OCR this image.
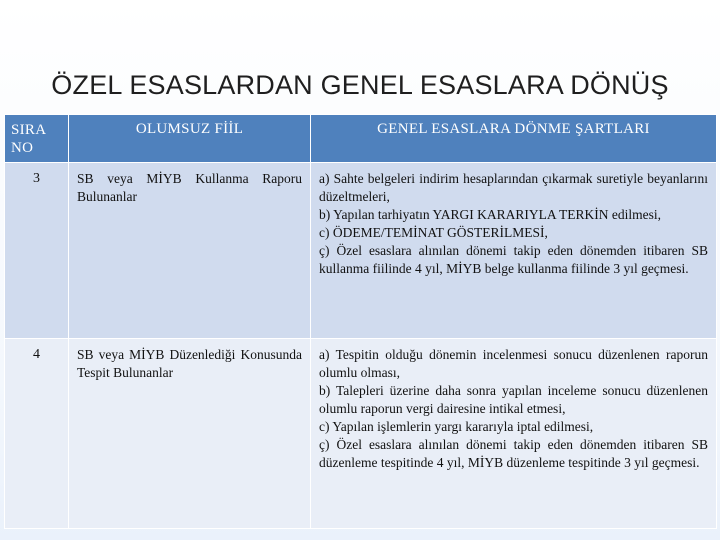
ÖZEL ESASLARDAN GENEL ESASLARA DÖNÜŞ
SIRA NO	OLUMSUZ FİİL	GENEL ESASLARA DÖNME ŞARTLARI
3	SB veya MİYB Kullanma Raporu Bulunanlar	a) Sahte belgeleri indirim hesaplarından çıkarmak suretiyle beyanlarını düzeltmeleri,
b) Yapılan tarhiyatın YARGI KARARIYLA TERKİN edilmesi,
c) ÖDEME/TEMİNAT GÖSTERİLMESİ,
ç) Özel esaslara alınılan dönemi takip eden dönemden itibaren SB kullanma fiilinde 4 yıl, MİYB belge kullanma fiilinde 3 yıl geçmesi.

4	SB veya MİYB Düzenlediği Konusunda Tespit Bulunanlar	a) Tespitin olduğu dönemin incelenmesi sonucu düzenlenen raporun olumlu olması,
b) Talepleri üzerine daha sonra yapılan inceleme sonucu düzenlenen olumlu raporun vergi dairesine intikal etmesi,
c) Yapılan işlemlerin yargı kararıyla iptal edilmesi,
ç) Özel esaslara alınılan dönemi takip eden dönemden itibaren SB düzenleme tespitinde 4 yıl, MİYB düzenleme tespitinde 3 yıl geçmesi.
